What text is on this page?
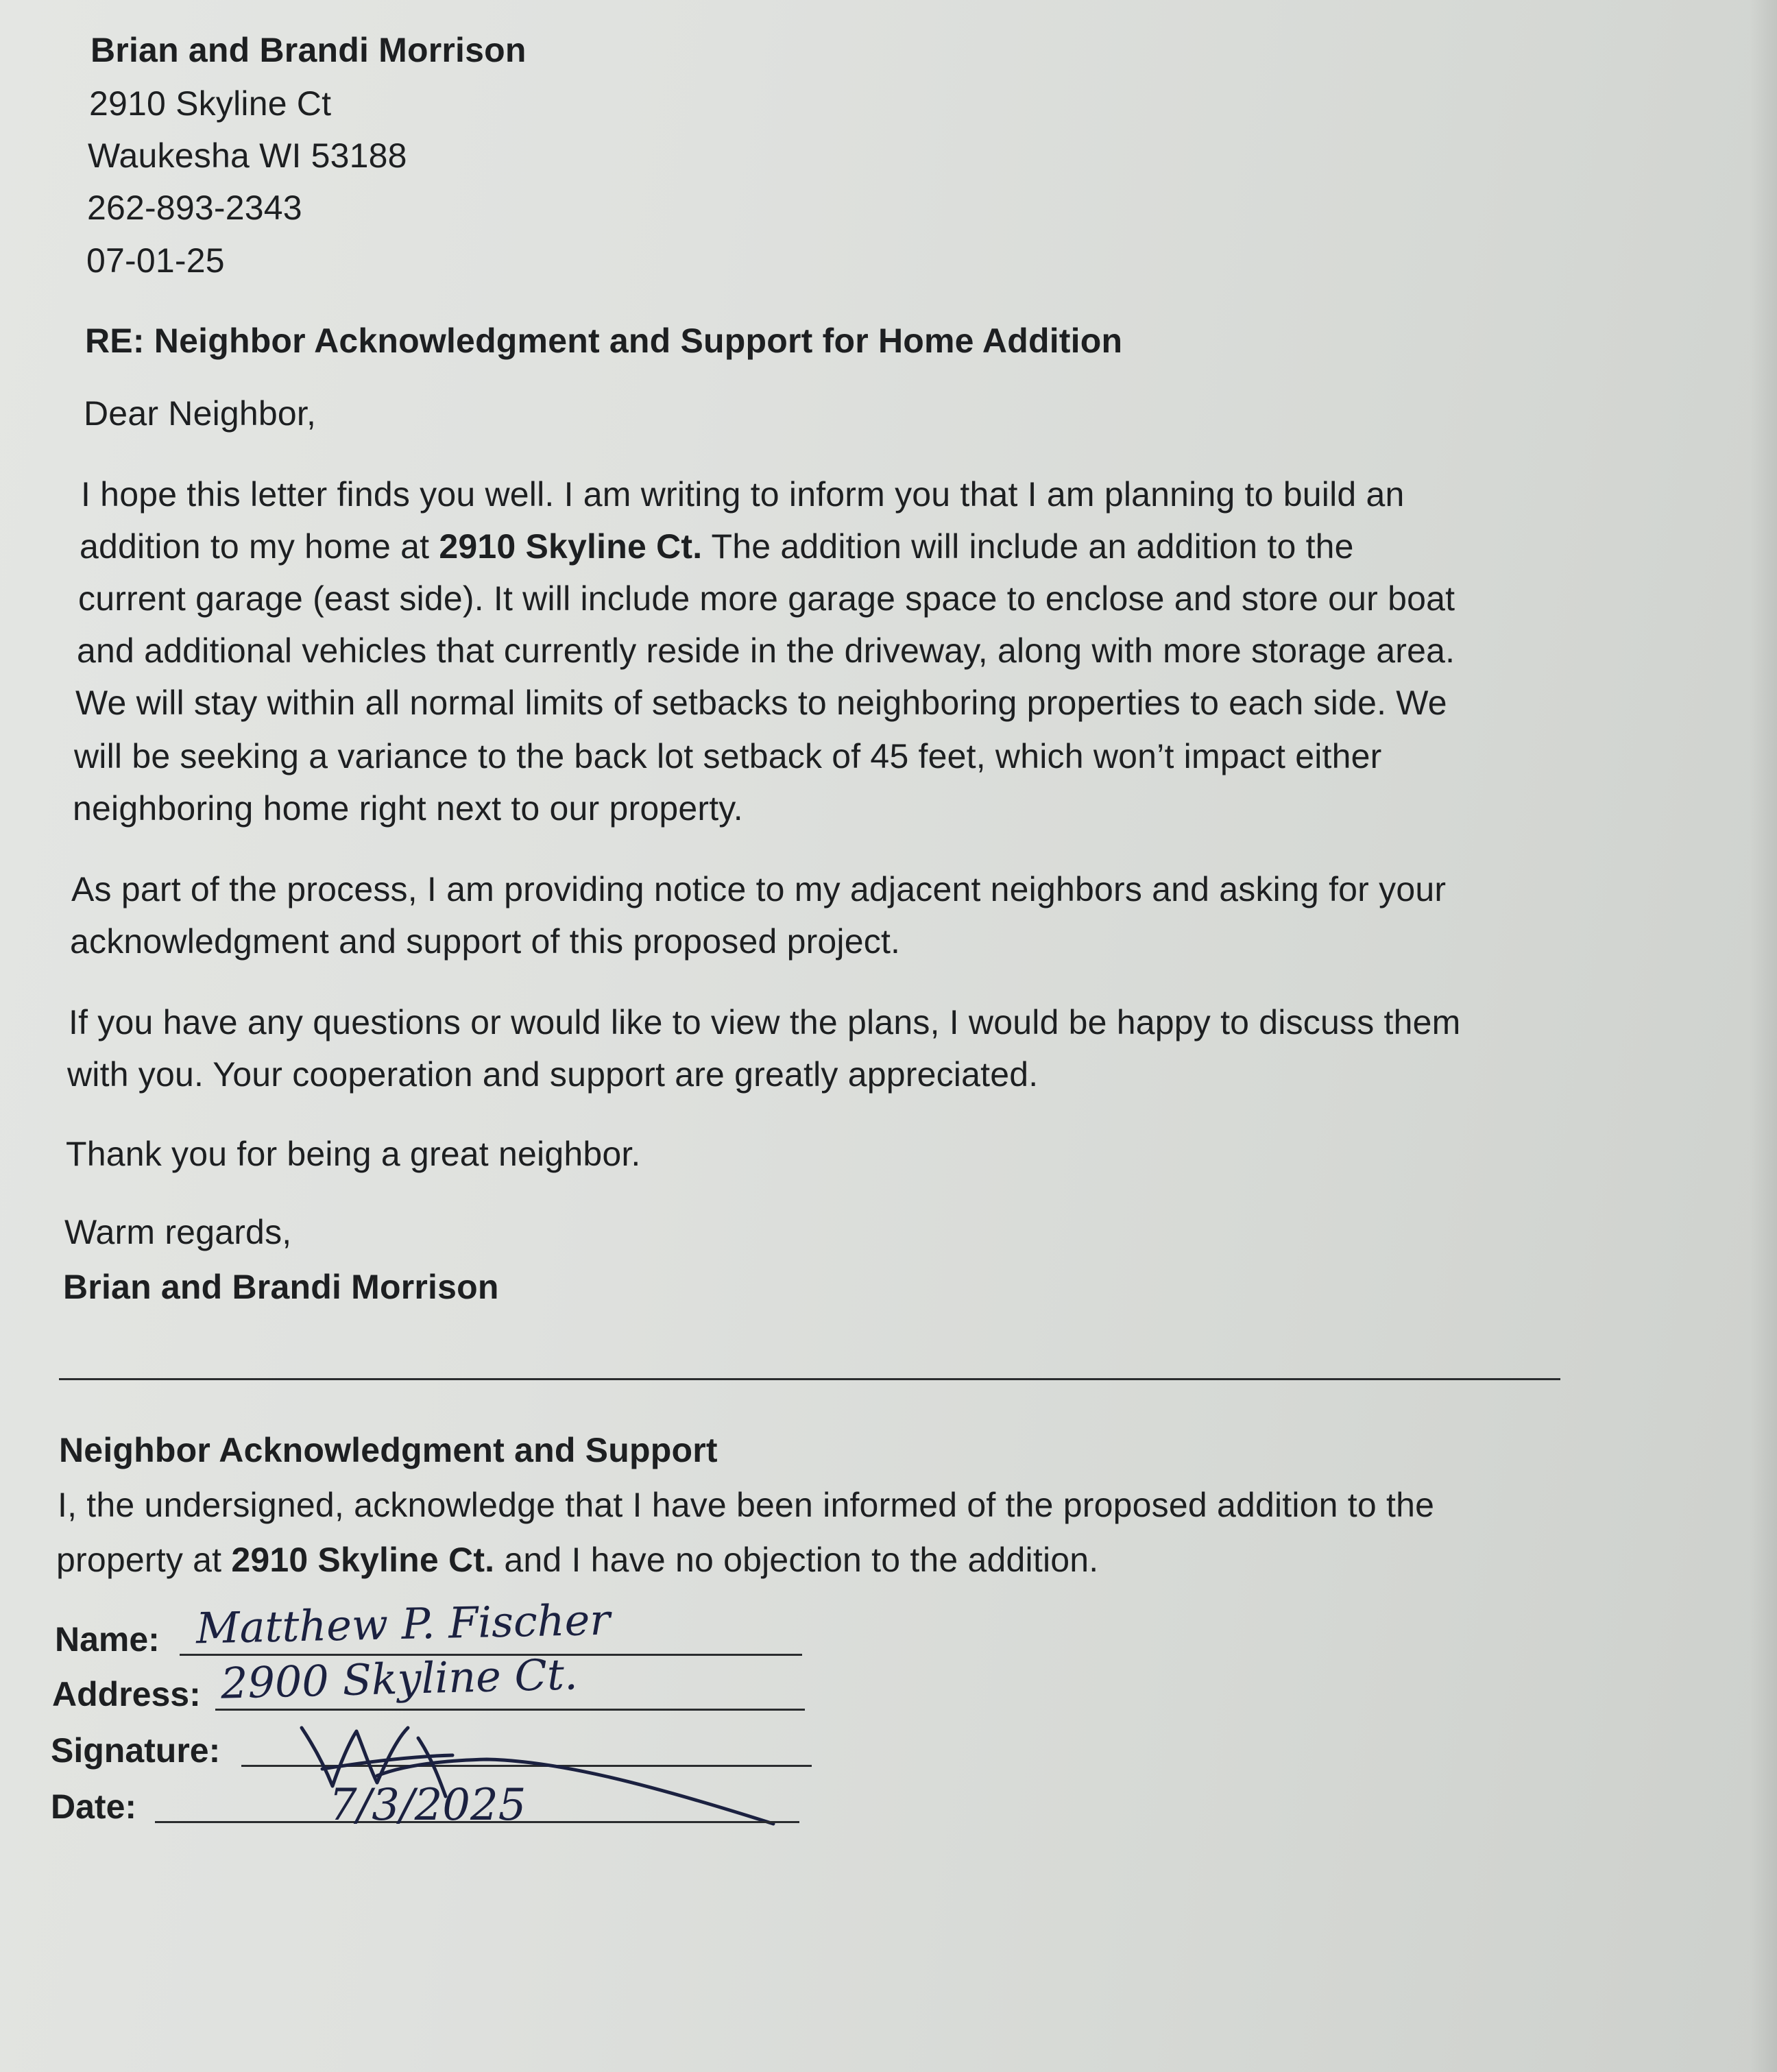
Brian and Brandi Morrison
2910 Skyline Ct
Waukesha WI 53188
262-893-2343
07-01-25
RE: Neighbor Acknowledgment and Support for Home Addition
Dear Neighbor,
I hope this letter finds you well. I am writing to inform you that I am planning to build an
addition to my home at 2910 Skyline Ct. The addition will include an addition to the
current garage (east side). It will include more garage space to enclose and store our boat
and additional vehicles that currently reside in the driveway, along with more storage area.
We will stay within all normal limits of setbacks to neighboring properties to each side. We
will be seeking a variance to the back lot setback of 45 feet, which won’t impact either
neighboring home right next to our property.
As part of the process, I am providing notice to my adjacent neighbors and asking for your
acknowledgment and support of this proposed project.
If you have any questions or would like to view the plans, I would be happy to discuss them
with you. Your cooperation and support are greatly appreciated.
Thank you for being a great neighbor.
Warm regards,
Brian and Brandi Morrison
Neighbor Acknowledgment and Support
I, the undersigned, acknowledge that I have been informed of the proposed addition to the
property at 2910 Skyline Ct. and I have no objection to the addition.
Name: Matthew P. Fischer
Address: 2900 Skyline Ct.
Signature:
Date:	7/3/2025
